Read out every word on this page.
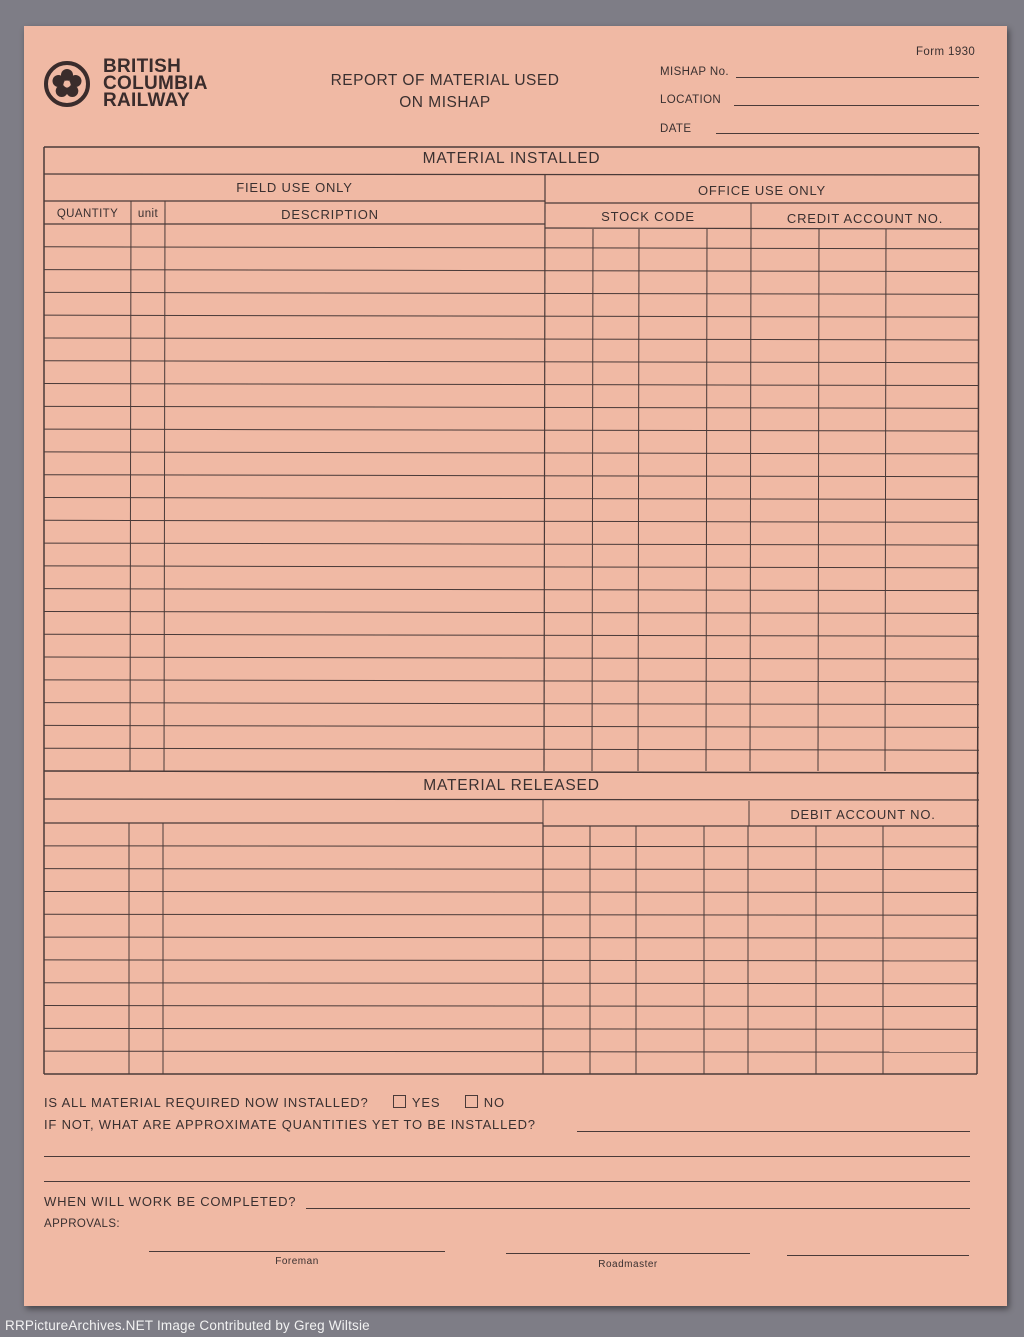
BRITISH
COLUMBIA
RAILWAY
REPORT OF MATERIAL USED
ON MISHAP
Form 1930
MISHAP No.
LOCATION
DATE
MATERIAL INSTALLED
FIELD USE ONLY	OFFICE USE ONLY
QUANTITY	unit	DESCRIPTION	STOCK CODE	CREDIT ACCOUNT NO.
MATERIAL RELEASED
DEBIT ACCOUNT NO.
IS ALL MATERIAL REQUIRED NOW INSTALLED?	YES	NO
IF NOT, WHAT ARE APPROXIMATE QUANTITIES YET TO BE INSTALLED?
WHEN WILL WORK BE COMPLETED?
APPROVALS:
Foreman	Roadmaster
RRPictureArchives.NET Image Contributed by Greg Wiltsie
